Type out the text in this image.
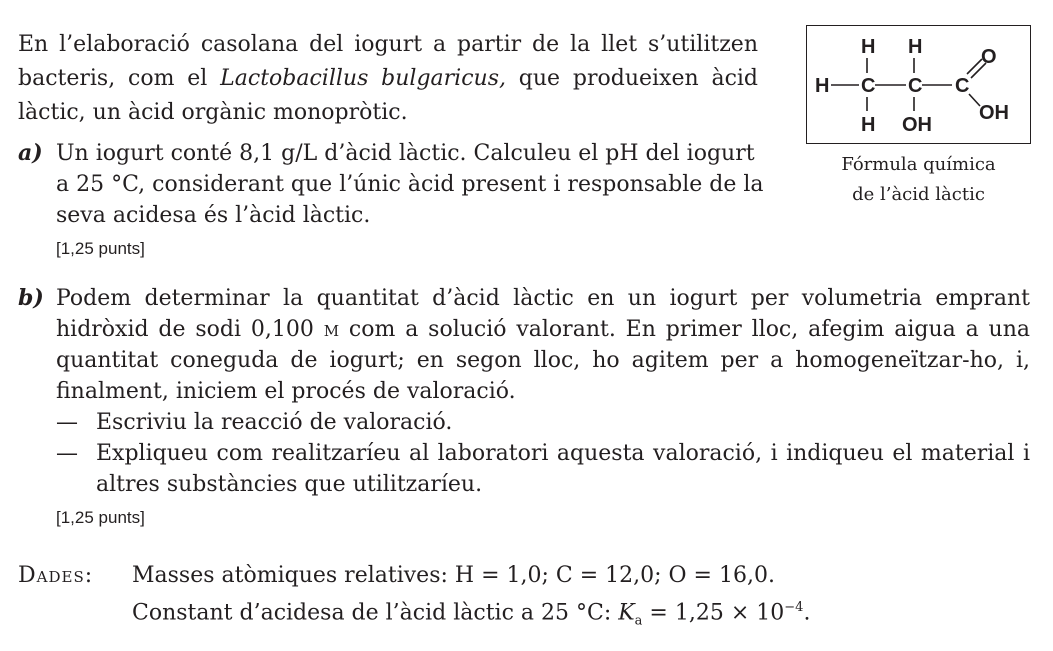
En l’elaboració casolana del iogurt a partir de la llet s’utilitzen
bacteris, com el Lactobacillus bulgaricus, que produeixen àcid
làctic, un àcid orgànic monopròtic.
H H
H C C C
O
H OH
OH
Fórmula química
de l’àcid làctic
a) Un iogurt conté 8,1 g/L d’àcid làctic. Calculeu el pH del iogurt
a 25 °C, considerant que l’únic àcid present i responsable de la
seva acidesa és l’àcid làctic.
[1,25 punts]
b) Podem determinar la quantitat d’àcid làctic en un iogurt per volumetria emprant
hidròxid de sodi 0,100 m com a solució valorant. En primer lloc, afegim aigua a una
quantitat coneguda de iogurt; en segon lloc, ho agitem per a homogeneïtzar-ho, i,
finalment, iniciem el procés de valoració.
— Escriviu la reacció de valoració.
— Expliqueu com realitzaríeu al laboratori aquesta valoració, i indiqueu el material i
altres substàncies que utilitzaríeu.
[1,25 punts]
Dades: Masses atòmiques relatives: H = 1,0; C = 12,0; O = 16,0.
Constant d’acidesa de l’àcid làctic a 25 °C: $K_a = 1,25 \times 10^{-4}$.
